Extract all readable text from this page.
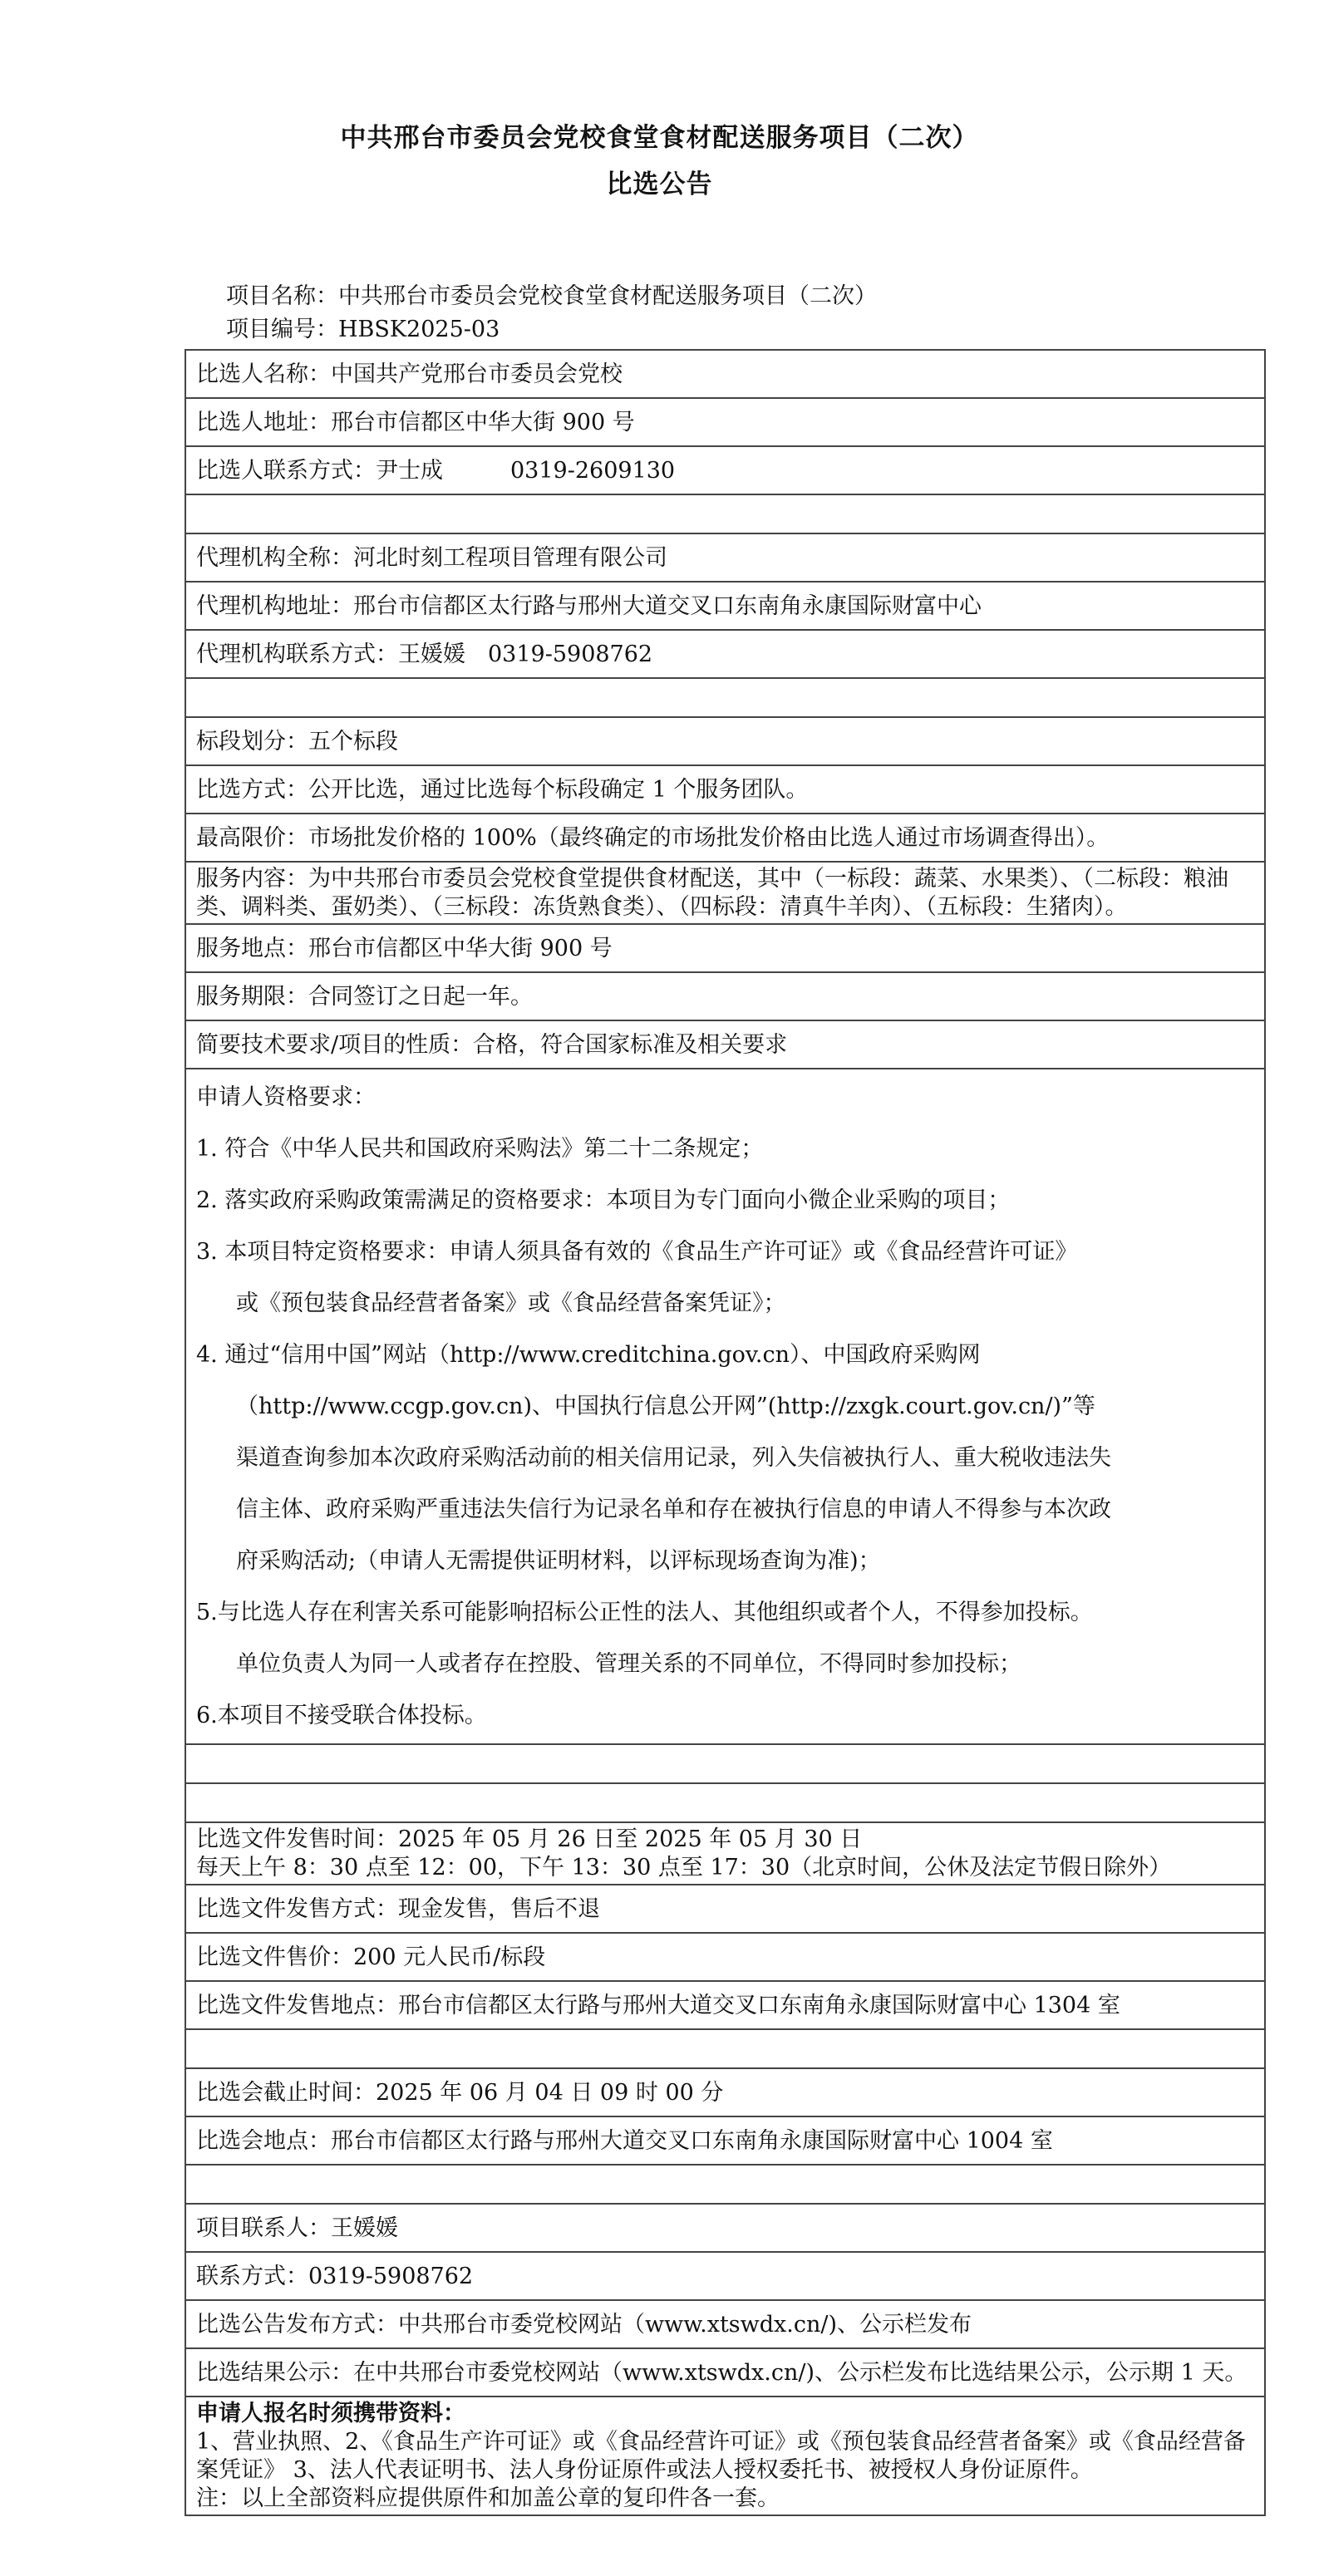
中共邢台市委员会党校食堂食材配送服务项目（二次）
比选公告
项目名称：中共邢台市委员会党校食堂食材配送服务项目（二次）
项目编号：HBSK2025-03
比选人名称：中国共产党邢台市委员会党校
比选人地址：邢台市信都区中华大街 900 号
比选人联系方式：尹士成　　　0319-2609130

代理机构全称：河北时刻工程项目管理有限公司
代理机构地址：邢台市信都区太行路与邢州大道交叉口东南角永康国际财富中心
代理机构联系方式：王媛媛　0319-5908762

标段划分：五个标段
比选方式：公开比选，通过比选每个标段确定 1 个服务团队。
最高限价：市场批发价格的 100%（最终确定的市场批发价格由比选人通过市场调查得出）。
服务内容：为中共邢台市委员会党校食堂提供食材配送，其中（一标段：蔬菜、水果类）、（二标段：粮油类、调料类、蛋奶类）、（三标段：冻货熟食类）、（四标段：清真牛羊肉）、（五标段：生猪肉）。
服务地点：邢台市信都区中华大街 900 号
服务期限：合同签订之日起一年。
简要技术要求/项目的性质：合格，符合国家标准及相关要求

申请人资格要求：
1. 符合《中华人民共和国政府采购法》第二十二条规定；
2. 落实政府采购政策需满足的资格要求：本项目为专门面向小微企业采购的项目；
3. 本项目特定资格要求：申请人须具备有效的《食品生产许可证》或《食品经营许可证》
或《预包装食品经营者备案》或《食品经营备案凭证》；
4. 通过“信用中国”网站（http://www.creditchina.gov.cn）、中国政府采购网
（http://www.ccgp.gov.cn)、中国执行信息公开网”(http://zxgk.court.gov.cn/)”等
渠道查询参加本次政府采购活动前的相关信用记录，列入失信被执行人、重大税收违法失
信主体、政府采购严重违法失信行为记录名单和存在被执行信息的申请人不得参与本次政
府采购活动;（申请人无需提供证明材料，以评标现场查询为准)；
5.与比选人存在利害关系可能影响招标公正性的法人、其他组织或者个人，不得参加投标。
单位负责人为同一人或者存在控股、管理关系的不同单位，不得同时参加投标；
6.本项目不接受联合体投标。

比选文件发售时间：2025 年 05 月 26 日至 2025 年 05 月 30 日
每天上午 8：30 点至 12：00，下午 13：30 点至 17：30（北京时间，公休及法定节假日除外）

比选文件发售方式：现金发售，售后不退
比选文件售价：200 元人民币/标段
比选文件发售地点：邢台市信都区太行路与邢州大道交叉口东南角永康国际财富中心 1304 室

比选会截止时间：2025 年 06 月 04 日 09 时 00 分
比选会地点：邢台市信都区太行路与邢州大道交叉口东南角永康国际财富中心 1004 室

项目联系人：王媛媛
联系方式：0319-5908762
比选公告发布方式：中共邢台市委党校网站（www.xtswdx.cn/)、公示栏发布
比选结果公示：在中共邢台市委党校网站（www.xtswdx.cn/)、公示栏发布比选结果公示，公示期 1 天。

申请人报名时须携带资料：
1、营业执照、2、《食品生产许可证》或《食品经营许可证》或《预包装食品经营者备案》或《食品经营备案凭证》 3、法人代表证明书、法人身份证原件或法人授权委托书、被授权人身份证原件。
注：以上全部资料应提供原件和加盖公章的复印件各一套。
